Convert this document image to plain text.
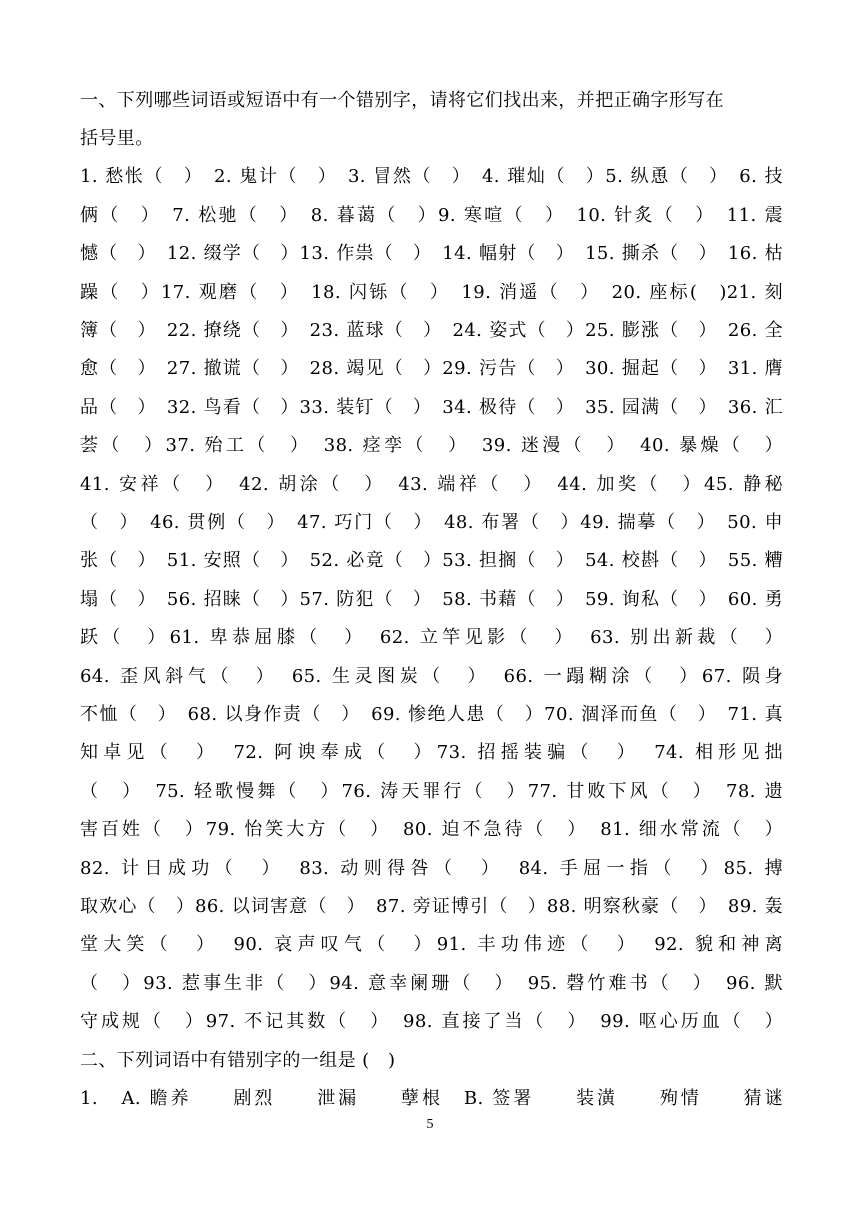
一、下列哪些词语或短语中有一个错别字，请将它们找出来，并把正确字形写在
括号里。
1. 愁怅（　）　2. 鬼计（　）　3. 冒然（　）　4. 璀灿（　）5. 纵恿（　）　6. 技
俩（　）　7. 松驰（　）　8. 暮蔼（　）9. 寒喧（　）　10. 针炙（　）　11. 震
憾（　）　12. 缀学（　）13. 作祟（　）　14. 幅射（　）　15. 撕杀（　）　16. 枯
躁（　）17. 观磨（　）　18. 闪铄（　）　19. 消遥（　）　20. 座标(　)21. 刻
簿（　）　22. 撩绕（　）　23. 蓝球（　）　24. 姿式（　）25. 膨涨（　）　26. 全
愈（　）　27. 撤谎（　）　28. 竭见（　）29. 污告（　）　30. 掘起（　）　31. 膺
品（　）　32. 鸟看（　）33. 装钉（　）　34. 极待（　）　35. 园满（　）　36. 汇
荟（　）37. 殆工（　）　38. 痉孪（　）　39. 迷漫（　）　40. 暴燥（　）
41. 安祥（　）　42. 胡涂（　）　43. 端祥（　）　44. 加奖（　）45. 静秘
（　）　46. 贯例（　）　47. 巧门（　）　48. 布署（　）49. 揣摹（　）　50. 申
张（　）　51. 安照（　）　52. 必竟（　）53. 担搁（　）　54. 校斟（　）　55. 糟
塌（　）　56. 招睐（　）57. 防犯（　）　58. 书藉（　）　59. 询私（　）　60. 勇
跃（　）61. 卑恭屈膝（　）　62. 立竿见影（　）　63. 别出新裁（　）
64. 歪风斜气（　）　65. 生灵图炭（　）　66. 一蹋糊涂（　）67. 陨身
不恤（　）　68. 以身作责（　）　69. 惨绝人患（　）70. 涸泽而鱼（　）　71. 真
知卓见（　）　72. 阿谀奉成（　）73. 招摇装骗（　）　74. 相形见拙
（　）　75. 轻歌慢舞（　）76. 涛天罪行（　）77. 甘败下风（　）　78. 遗
害百姓（　）79. 怡笑大方（　）　80. 迫不急待（　）　81. 细水常流（　）
82. 计日成功（　）　83. 动则得咎（　）　84. 手屈一指（　）85. 搏
取欢心（　）86. 以词害意（　）　87. 旁证博引（　）88. 明察秋豪（　）　89. 轰
堂大笑（　）　90. 哀声叹气（　）91. 丰功伟迹（　）　92. 貌和神离
（　）93. 惹事生非（　）94. 意幸阑珊（　）　95. 磬竹难书（　）　96. 默
守成规（　）97. 不记其数（　）　98. 直接了当（　）　99. 呕心历血（　）
二、下列词语中有错别字的一组是 (　)
1.　A. 瞻养　　剧烈　　泄漏　　孽根　B. 签署　　装潢　　殉情　　猜谜
5
